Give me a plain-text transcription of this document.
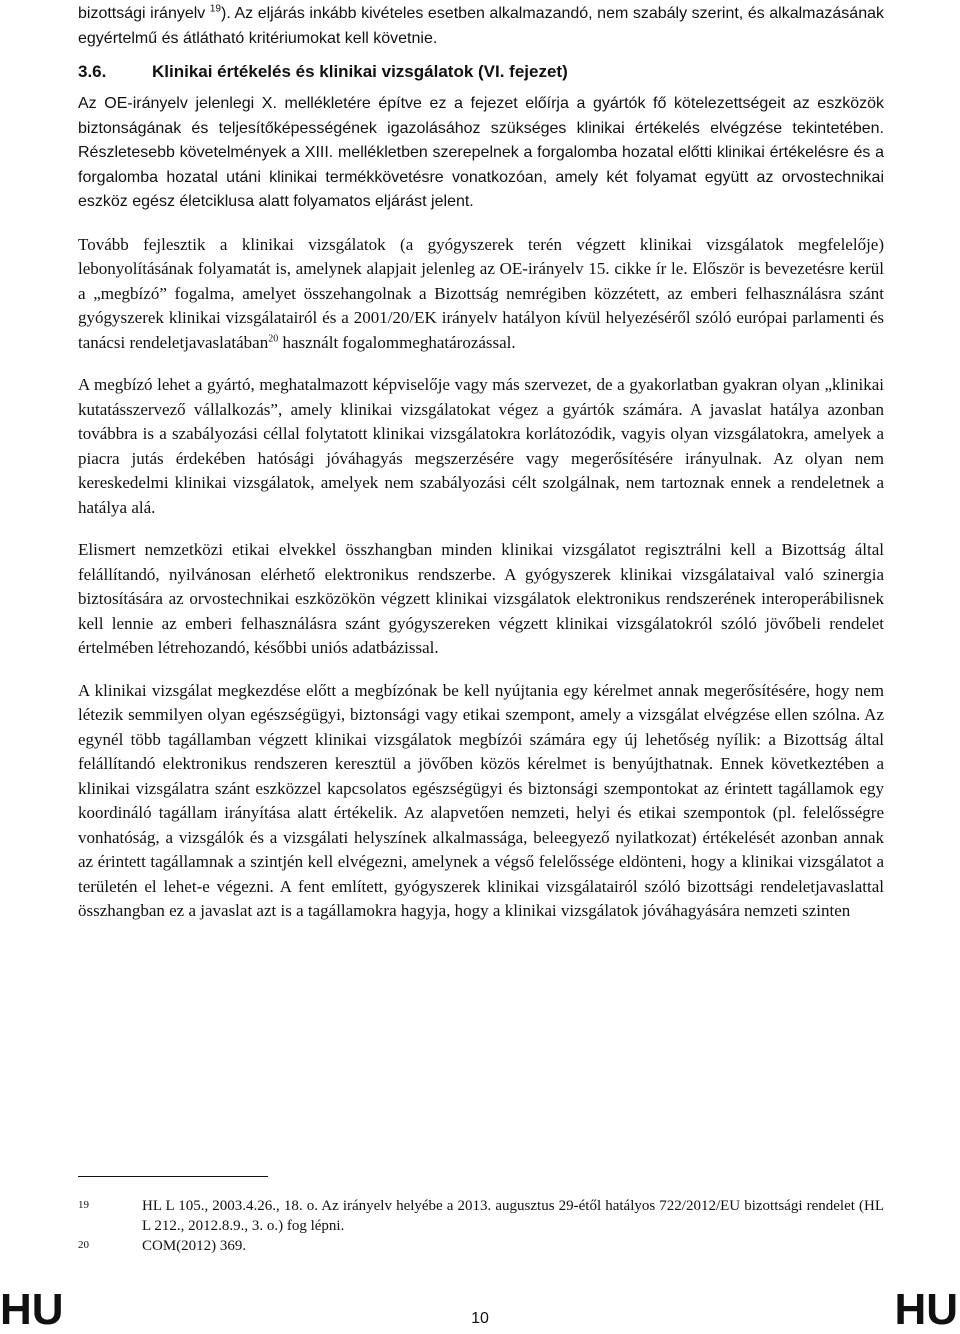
bizottsági irányelv $^{19}$). Az eljárás inkább kivételes esetben alkalmazandó, nem szabály szerint, és alkalmazásának egyértelmű és átlátható kritériumokat kell követnie.

3.6.	Klinikai értékelés és klinikai vizsgálatok (VI. fejezet)

Az OE-irányelv jelenlegi X. mellékletére építve ez a fejezet előírja a gyártók fő kötelezettségeit az eszközök biztonságának és teljesítőképességének igazolásához szükséges klinikai értékelés elvégzése tekintetében. Részletesebb követelmények a XIII. mellékletben szerepelnek a forgalomba hozatal előtti klinikai értékelésre és a forgalomba hozatal utáni klinikai termékkövetésre vonatkozóan, amely két folyamat együtt az orvostechnikai eszköz egész életciklusa alatt folyamatos eljárást jelent.

Tovább fejlesztik a klinikai vizsgálatok (a gyógyszerek terén végzett klinikai vizsgálatok megfelelője) lebonyolításának folyamatát is, amelynek alapjait jelenleg az OE-irányelv 15. cikke ír le. Először is bevezetésre kerül a „megbízó” fogalma, amelyet összehangolnak a Bizottság nemrégiben közzétett, az emberi felhasználásra szánt gyógyszerek klinikai vizsgálatairól és a 2001/20/EK irányelv hatályon kívül helyezéséről szóló európai parlamenti és tanácsi rendeletjavaslatában$^{20}$ használt fogalommeghatározással.

A megbízó lehet a gyártó, meghatalmazott képviselője vagy más szervezet, de a gyakorlatban gyakran olyan „klinikai kutatásszervező vállalkozás”, amely klinikai vizsgálatokat végez a gyártók számára. A javaslat hatálya azonban továbbra is a szabályozási céllal folytatott klinikai vizsgálatokra korlátozódik, vagyis olyan vizsgálatokra, amelyek a piacra jutás érdekében hatósági jóváhagyás megszerzésére vagy megerősítésére irányulnak. Az olyan nem kereskedelmi klinikai vizsgálatok, amelyek nem szabályozási célt szolgálnak, nem tartoznak ennek a rendeletnek a hatálya alá.

Elismert nemzetközi etikai elvekkel összhangban minden klinikai vizsgálatot regisztrálni kell a Bizottság által felállítandó, nyilvánosan elérhető elektronikus rendszerbe. A gyógyszerek klinikai vizsgálataival való szinergia biztosítására az orvostechnikai eszközökön végzett klinikai vizsgálatok elektronikus rendszerének interoperábilisnek kell lennie az emberi felhasználásra szánt gyógyszereken végzett klinikai vizsgálatokról szóló jövőbeli rendelet értelmében létrehozandó, későbbi uniós adatbázissal.

A klinikai vizsgálat megkezdése előtt a megbízónak be kell nyújtania egy kérelmet annak megerősítésére, hogy nem létezik semmilyen olyan egészségügyi, biztonsági vagy etikai szempont, amely a vizsgálat elvégzése ellen szólna. Az egynél több tagállamban végzett klinikai vizsgálatok megbízói számára egy új lehetőség nyílik: a Bizottság által felállítandó elektronikus rendszeren keresztül a jövőben közös kérelmet is benyújthatnak. Ennek következtében a klinikai vizsgálatra szánt eszközzel kapcsolatos egészségügyi és biztonsági szempontokat az érintett tagállamok egy koordináló tagállam irányítása alatt értékelik. Az alapvetően nemzeti, helyi és etikai szempontok (pl. felelősségre vonhatóság, a vizsgálók és a vizsgálati helyszínek alkalmassága, beleegyező nyilatkozat) értékelését azonban annak az érintett tagállamnak a szintjén kell elvégezni, amelynek a végső felelőssége eldönteni, hogy a klinikai vizsgálatot a területén el lehet-e végezni. A fent említett, gyógyszerek klinikai vizsgálatairól szóló bizottsági rendeletjavaslattal összhangban ez a javaslat azt is a tagállamokra hagyja, hogy a klinikai vizsgálatok jóváhagyására nemzeti szinten

19	HL L 105., 2003.4.26., 18. o. Az irányelv helyébe a 2013. augusztus 29-étől hatályos 722/2012/EU bizottsági rendelet (HL L 212., 2012.8.9., 3. o.) fog lépni.
20	COM(2012) 369.
HU	10	HU
